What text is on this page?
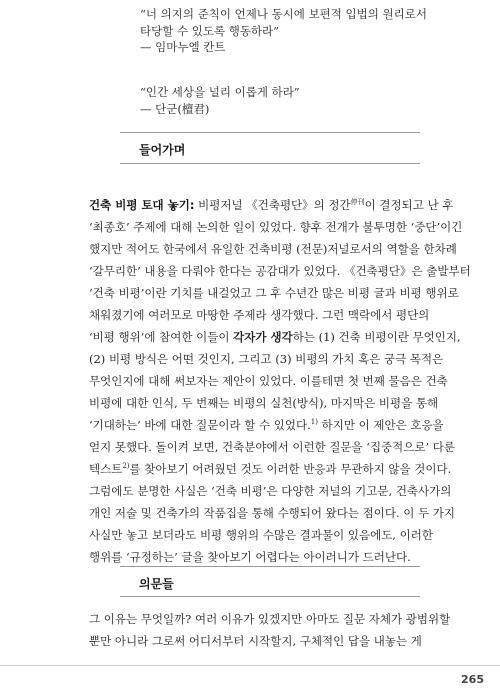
“너 의지의 준칙이 언제나 동시에 보편적 입법의 원리로서

타당할 수 있도록 행동하라”

— 임마누엘 칸트

“인간 세상을 널리 이롭게 하라”

— 단군(檀君)

들어가며
건축 비평 토대 놓기: 비평저널 《건축평단》의 정간$^{停刊}$이 결정되고 난 후
‘최종호’ 주제에 대해 논의한 일이 있었다. 향후 전개가 불투명한 ‘중단’이긴
했지만 적어도 한국에서 유일한 건축비평 (전문)저널로서의 역할을 한차례
‘갈무리한’ 내용을 다뤄야 한다는 공감대가 있었다. 《건축평단》은 출발부터
‘건축 비평’이란 기치를 내걸었고 그 후 수년간 많은 비평 글과 비평 행위로
채워졌기에 여러모로 마땅한 주제라 생각했다. 그런 맥락에서 평단의
‘비평 행위’에 참여한 이들이 각자가 생각하는 (1) 건축 비평이란 무엇인지,
(2) 비평 방식은 어떤 것인지, 그리고 (3) 비평의 가치 혹은 궁극 목적은
무엇인지에 대해 써보자는 제안이 있었다. 이를테면 첫 번째 물음은 건축
비평에 대한 인식, 두 번째는 비평의 실천(방식), 마지막은 비평을 통해
‘기대하는’ 바에 대한 질문이라 할 수 있었다.$^{1)}$ 하지만 이 제안은 호응을
얻지 못했다. 돌이켜 보면, 건축분야에서 이런한 질문을 ‘집중적으로’ 다룬
텍스트$^{2)}$를 찾아보기 어려웠던 것도 이러한 반응과 무관하지 않을 것이다.
그럼에도 분명한 사실은 ‘건축 비평’은 다양한 저널의 기고문, 건축사가의
개인 저술 및 건축가의 작품집을 통해 수행되어 왔다는 점이다. 이 두 가지
사실만 놓고 보더라도 비평 행위의 수많은 결과물이 있음에도, 이러한
행위를 ‘규정하는’ 글을 찾아보기 어렵다는 아이러니가 드러난다.
의문들
그 이유는 무엇일까? 여러 이유가 있겠지만 아마도 질문 자체가 광범위할
뿐만 아니라 그로써 어디서부터 시작할지, 구체적인 답을 내놓는 게
265
